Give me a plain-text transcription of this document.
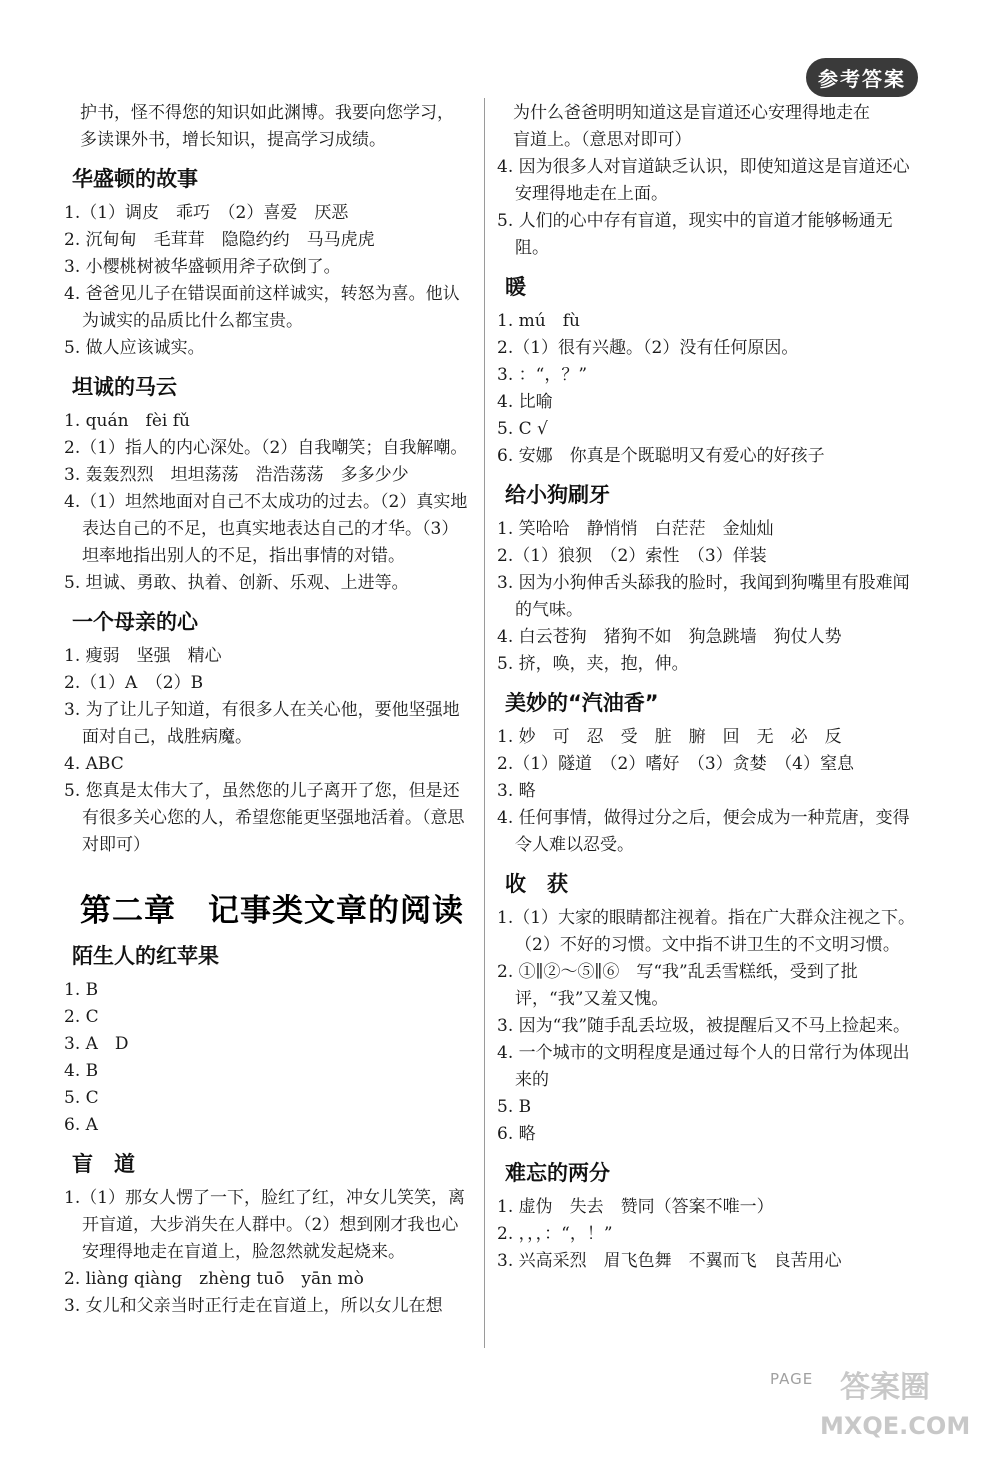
参考答案

护书，怪不得您的知识如此渊博。我要向您学习，

多读课外书，增长知识，提高学习成绩。

华盛顿的故事

1.（1）调皮　乖巧　（2）喜爱　厌恶

2. 沉甸甸　毛茸茸　隐隐约约　马马虎虎

3. 小樱桃树被华盛顿用斧子砍倒了。

4. 爸爸见儿子在错误面前这样诚实，转怒为喜。他认为诚实的品质比什么都宝贵。

5. 做人应该诚实。

坦诚的马云

1. quán　fèi fǔ

2.（1）指人的内心深处。（2）自我嘲笑；自我解嘲。

3. 轰轰烈烈　坦坦荡荡　浩浩荡荡　多多少少

4.（1）坦然地面对自己不太成功的过去。（2）真实地表达自己的不足，也真实地表达自己的才华。（3）坦率地指出别人的不足，指出事情的对错。

5. 坦诚、勇敢、执着、创新、乐观、上进等。

一个母亲的心

1. 瘦弱　坚强　精心

2.（1）A　（2）B

3. 为了让儿子知道，有很多人在关心他，要他坚强地面对自己，战胜病魔。

4. ABC

5. 您真是太伟大了，虽然您的儿子离开了您，但是还有很多关心您的人，希望您能更坚强地活着。（意思对即可）

第二章　记事类文章的阅读
陌生人的红苹果

1. B

2. C

3. A　D

4. B

5. C

6. A

盲　道

1.（1）那女人愣了一下，脸红了红，冲女儿笑笑，离开盲道，大步消失在人群中。（2）想到刚才我也心安理得地走在盲道上，脸忽然就发起烧来。

2. liàng qiàng　zhèng tuō　yān mò

3. 女儿和父亲当时正行走在盲道上，所以女儿在想

为什么爸爸明明知道这是盲道还心安理得地走在

盲道上。（意思对即可）

4. 因为很多人对盲道缺乏认识，即使知道这是盲道还心安理得地走在上面。

5. 人们的心中存有盲道，现实中的盲道才能够畅通无阻。

暖

1. mú　fù

2.（1）很有兴趣。（2）没有任何原因。

3. ：“，？”

4. 比喻

5. C √

6. 安娜　你真是个既聪明又有爱心的好孩子

给小狗刷牙

1. 笑哈哈　静悄悄　白茫茫　金灿灿

2.（1）狼狈　（2）索性　（3）佯装

3. 因为小狗伸舌头舔我的脸时，我闻到狗嘴里有股难闻的气味。

4. 白云苍狗　猪狗不如　狗急跳墙　狗仗人势

5. 挤，唤，夹，抱，伸。

美妙的“汽油香”

1. 妙　可　忍　受　脏　腑　回　无　必　反

2.（1）隧道　（2）嗜好　（3）贪婪　（4）窒息

3. 略

4. 任何事情，做得过分之后，便会成为一种荒唐，变得令人难以忍受。

收　获

1.（1）大家的眼睛都注视着。指在广大群众注视之下。（2）不好的习惯。文中指不讲卫生的不文明习惯。

2. ①∥②～⑤∥⑥　写“我”乱丢雪糕纸，受到了批评，“我”又羞又愧。

3. 因为“我”随手乱丢垃圾，被提醒后又不马上捡起来。

4. 一个城市的文明程度是通过每个人的日常行为体现出来的

5. B

6. 略

难忘的两分

1. 虚伪　失去　赞同（答案不唯一）

2. ，，，：“，！”

3. 兴高采烈　眉飞色舞　不翼而飞　良苦用心

PAGE 答案圈
MXQE.COM
